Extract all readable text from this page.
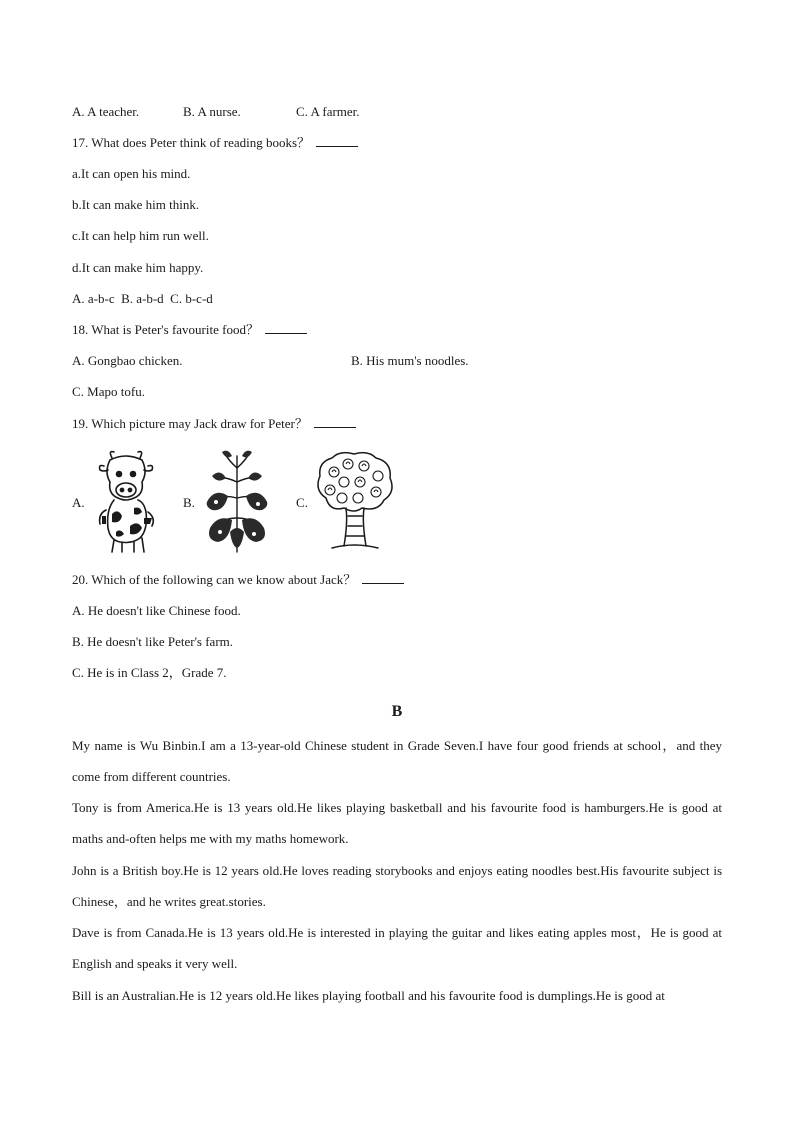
A. A teacher.	B. A nurse.	C. A farmer.
17. What does Peter think of reading books？
a.It can open his mind.
b.It can make him think.
c.It can help him run well.
d.It can make him happy.
A. a-b-c  B. a-b-d  C. b-c-d
18. What is Peter's favourite food？
A. Gongbao chicken.	B. His mum's noodles.
C. Mapo tofu.
19. Which picture may Jack draw for Peter？
A.	B.	C.
20. Which of the following can we know about Jack？
A. He doesn't like Chinese food.
B. He doesn't like Peter's farm.
C. He is in Class 2，Grade 7.
B
My name is Wu Binbin.I am a 13-year-old Chinese student in Grade Seven.I have four good friends at school，and they come from different countries.
Tony is from America.He is 13 years old.He likes playing basketball and his favourite food is hamburgers.He is good at maths and-often helps me with my maths homework.
John is a British boy.He is 12 years old.He loves reading storybooks and enjoys eating noodles best.His favourite subject is Chinese，and he writes great.stories.
Dave is from Canada.He is 13 years old.He is interested in playing the guitar and likes eating apples most，He is good at English and speaks it very well.
Bill is an Australian.He is 12 years old.He likes playing football and his favourite food is dumplings.He is good at
